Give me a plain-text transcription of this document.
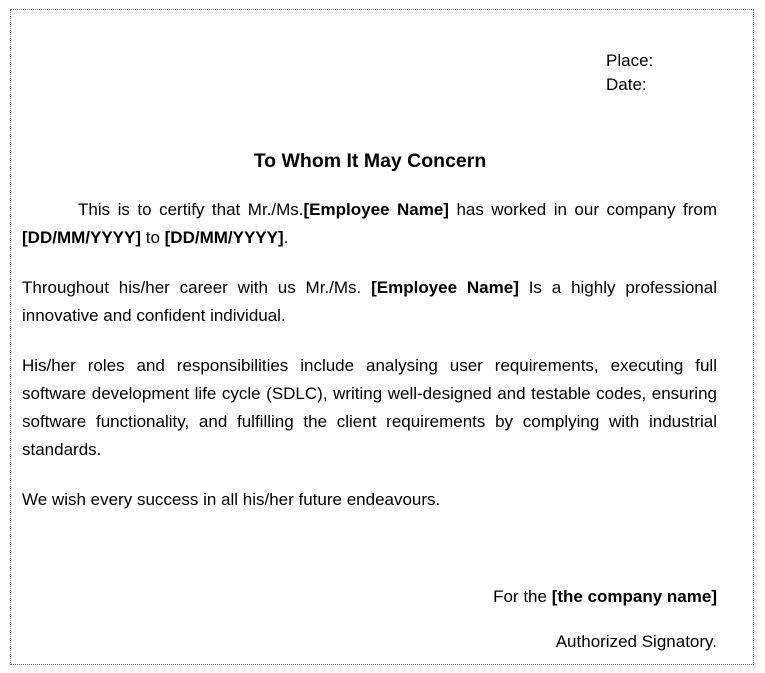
Place:
Date:
To Whom It May Concern

This is to certify that Mr./Ms.[Employee Name] has worked in our company from [DD/MM/YYYY] to [DD/MM/YYYY].

Throughout his/her career with us Mr./Ms. [Employee Name] Is a highly professional innovative and confident individual.

His/her roles and responsibilities include analysing user requirements, executing full software development life cycle (SDLC), writing well-designed and testable codes, ensuring software functionality, and fulfilling the client requirements by complying with industrial standards.

We wish every success in all his/her future endeavours.

For the [the company name]
Authorized Signatory.
